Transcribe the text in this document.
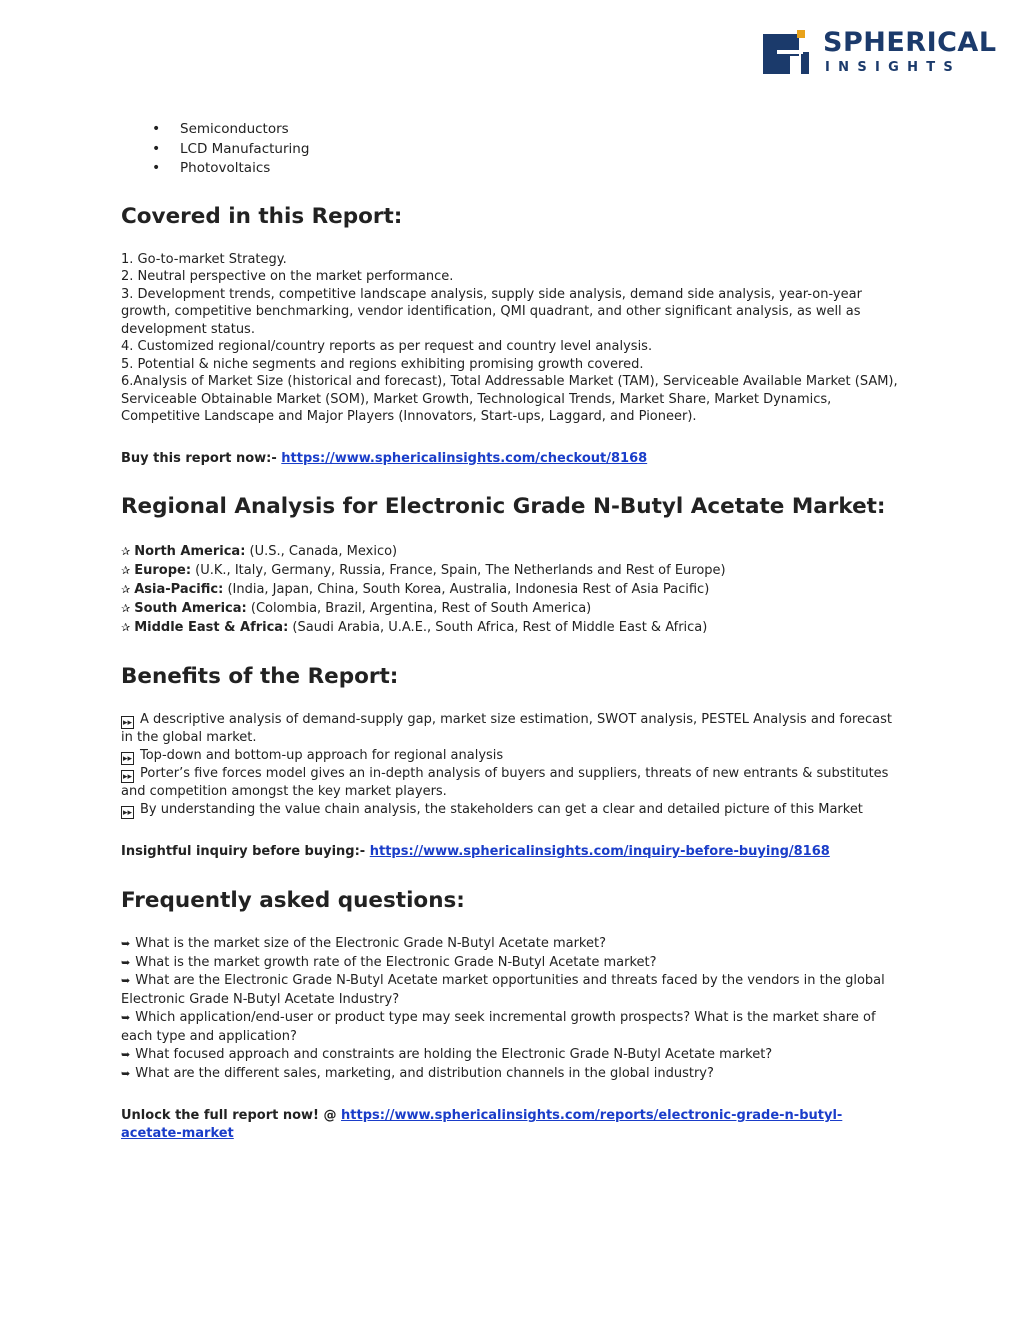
SPHERICAL
INSIGHTS
• Semiconductors
• LCD Manufacturing
• Photovoltaics
Covered in this Report:
1. Go-to-market Strategy.
2. Neutral perspective on the market performance.
3. Development trends, competitive landscape analysis, supply side analysis, demand side analysis, year-on-year growth, competitive benchmarking, vendor identification, QMI quadrant, and other significant analysis, as well as development status.
4. Customized regional/country reports as per request and country level analysis.
5. Potential & niche segments and regions exhibiting promising growth covered.
6.Analysis of Market Size (historical and forecast), Total Addressable Market (TAM), Serviceable Available Market (SAM), Serviceable Obtainable Market (SOM), Market Growth, Technological Trends, Market Share, Market Dynamics, Competitive Landscape and Major Players (Innovators, Start-ups, Laggard, and Pioneer).
Buy this report now:- https://www.sphericalinsights.com/checkout/8168
Regional Analysis for Electronic Grade N-Butyl Acetate Market:
✰ North America: (U.S., Canada, Mexico)
✰ Europe: (U.K., Italy, Germany, Russia, France, Spain, The Netherlands and Rest of Europe)
✰ Asia-Pacific: (India, Japan, China, South Korea, Australia, Indonesia Rest of Asia Pacific)
✰ South America: (Colombia, Brazil, Argentina, Rest of South America)
✰ Middle East & Africa: (Saudi Arabia, U.A.E., South Africa, Rest of Middle East & Africa)
Benefits of the Report:
▸▸ A descriptive analysis of demand-supply gap, market size estimation, SWOT analysis, PESTEL Analysis and forecast in the global market.
▸▸ Top-down and bottom-up approach for regional analysis
▸▸ Porter’s five forces model gives an in-depth analysis of buyers and suppliers, threats of new entrants & substitutes and competition amongst the key market players.
▸▸ By understanding the value chain analysis, the stakeholders can get a clear and detailed picture of this Market
Insightful inquiry before buying:- https://www.sphericalinsights.com/inquiry-before-buying/8168
Frequently asked questions:
➥ What is the market size of the Electronic Grade N-Butyl Acetate market?
➥ What is the market growth rate of the Electronic Grade N-Butyl Acetate market?
➥ What are the Electronic Grade N-Butyl Acetate market opportunities and threats faced by the vendors in the global Electronic Grade N-Butyl Acetate Industry?
➥ Which application/end-user or product type may seek incremental growth prospects? What is the market share of each type and application?
➥ What focused approach and constraints are holding the Electronic Grade N-Butyl Acetate market?
➥ What are the different sales, marketing, and distribution channels in the global industry?
Unlock the full report now! @ https://www.sphericalinsights.com/reports/electronic-grade-n-butyl-acetate-market
